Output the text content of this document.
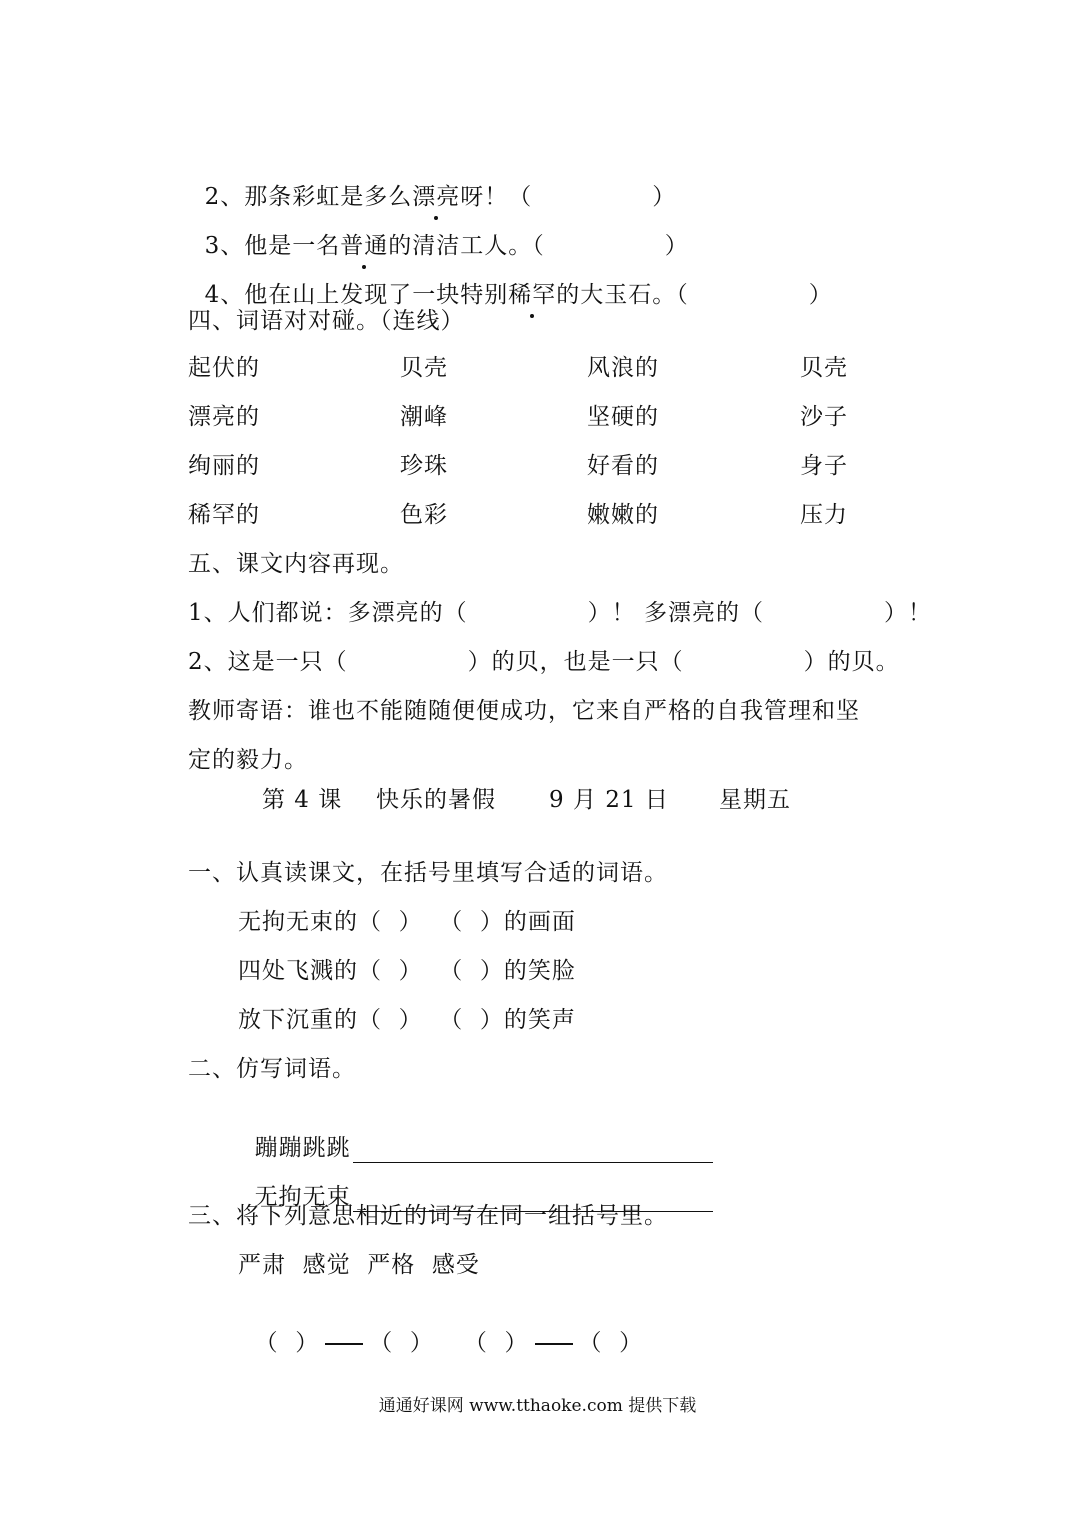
2、那条彩虹是多么漂亮呀！（　　　　　）

3、他是一名普通的清洁工人。（　　　　　）

4、他在山上发现了一块特别稀罕的大玉石。（　　　　　）

四、词语对对碰。（连线）
起伏的	贝壳	风浪的	贝壳
漂亮的	潮峰	坚硬的	沙子
绚丽的	珍珠	好看的	身子
稀罕的	色彩	嫩嫩的	压力
五、课文内容再现。
1、人们都说：多漂亮的（　　　　　）！ 多漂亮的（　　　　　）！
2、这是一只（　　　　　）的贝，也是一只（　　　　　）的贝。
教师寄语：谁也不能随随便便成功，它来自严格的自我管理和坚
定的毅力。
第 4 课 快乐的暑假 9 月 21 日 星期五
一、认真读课文，在括号里填写合适的词语。
无拘无束的（  ）  （  ）的画面
四处飞溅的（  ）  （  ）的笑脸
放下沉重的（  ）  （  ）的笑声
二、仿写词语。

蹦蹦跳跳

无拘无束

三、将下列意思相近的词写在同一组括号里。
严肃  感觉  严格  感受

（  ） （  ） （  ） （  ）

通通好课网 www.tthaoke.com 提供下载
